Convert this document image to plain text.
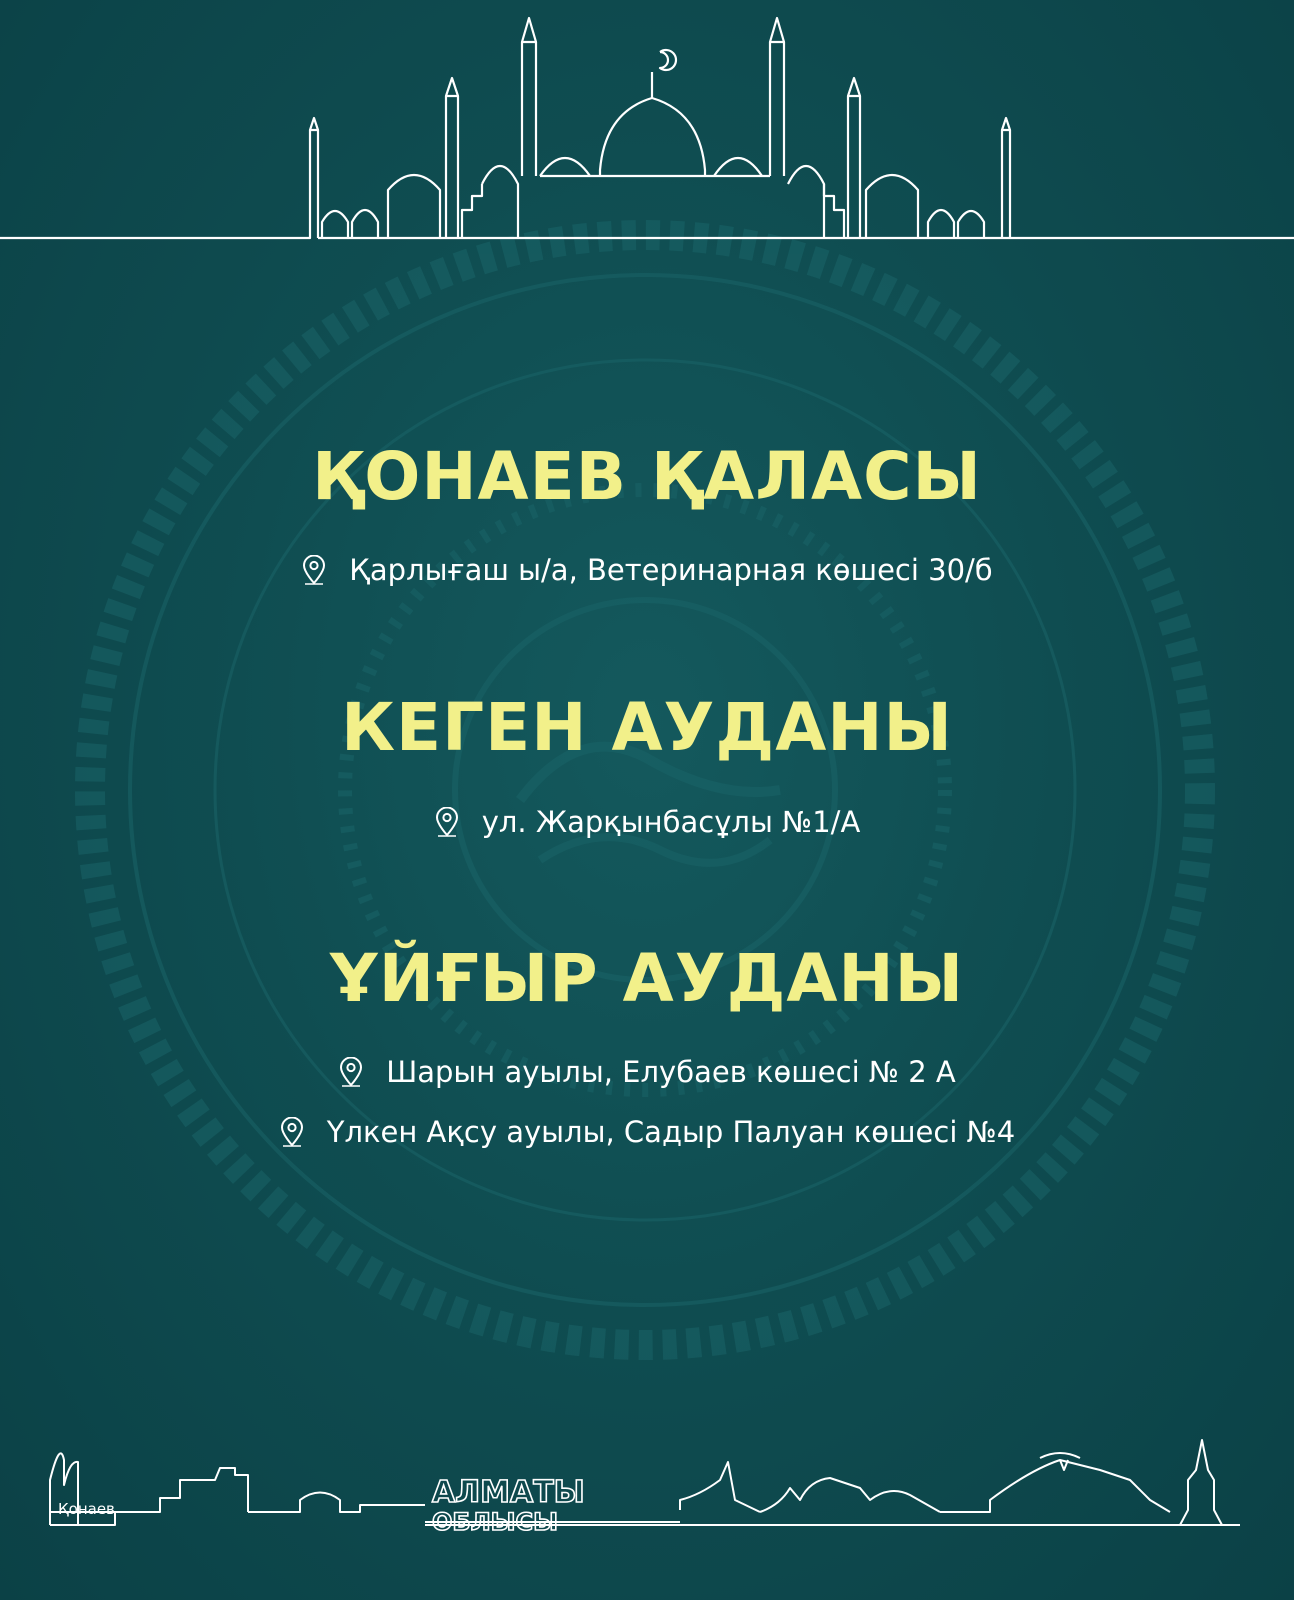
ҚОНАЕВ ҚАЛАСЫ
Қарлығаш ы/а, Ветеринарная көшесі 30/б
КЕГЕН АУДАНЫ
ул. Жарқынбасұлы №1/А
ҰЙҒЫР АУДАНЫ
Шарын ауылы, Елубаев көшесі № 2 А
Үлкен Ақсу ауылы, Садыр Палуан көшесі №4
АЛМАТЫ
ОБЛЫСЫ
Қонаев
